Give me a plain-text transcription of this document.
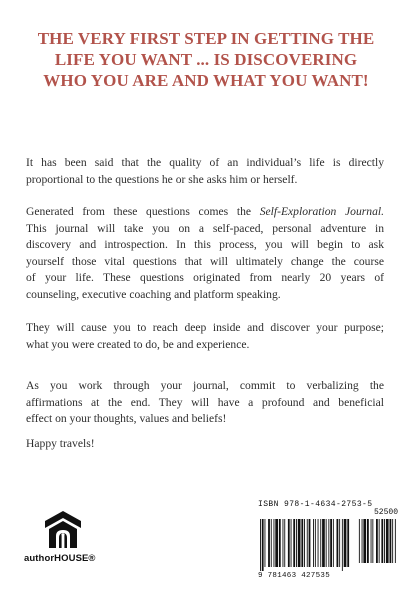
THE VERY FIRST STEP IN GETTING THE
LIFE YOU WANT ... IS DISCOVERING
WHO YOU ARE AND WHAT YOU WANT!
It has been said that the quality of an individual’s life is directly
proportional to the questions he or she asks him or herself.
Generated from these questions comes the Self-Exploration Journal.
This journal will take you on a self-paced, personal adventure in
discovery and introspection. In this process, you will begin to ask
yourself those vital questions that will ultimately change the course
of your life. These questions originated from nearly 20 years of
counseling, executive coaching and platform speaking.
They will cause you to reach deep inside and discover your purpose;
what you were created to do, be and experience.
As you work through your journal, commit to verbalizing the
affirmations at the end. They will have a profound and beneficial
effect on your thoughts, values and beliefs!
Happy travels!
authorHOUSE®
ISBN 978-1-4634-2753-5
52500
9 781463 427535
